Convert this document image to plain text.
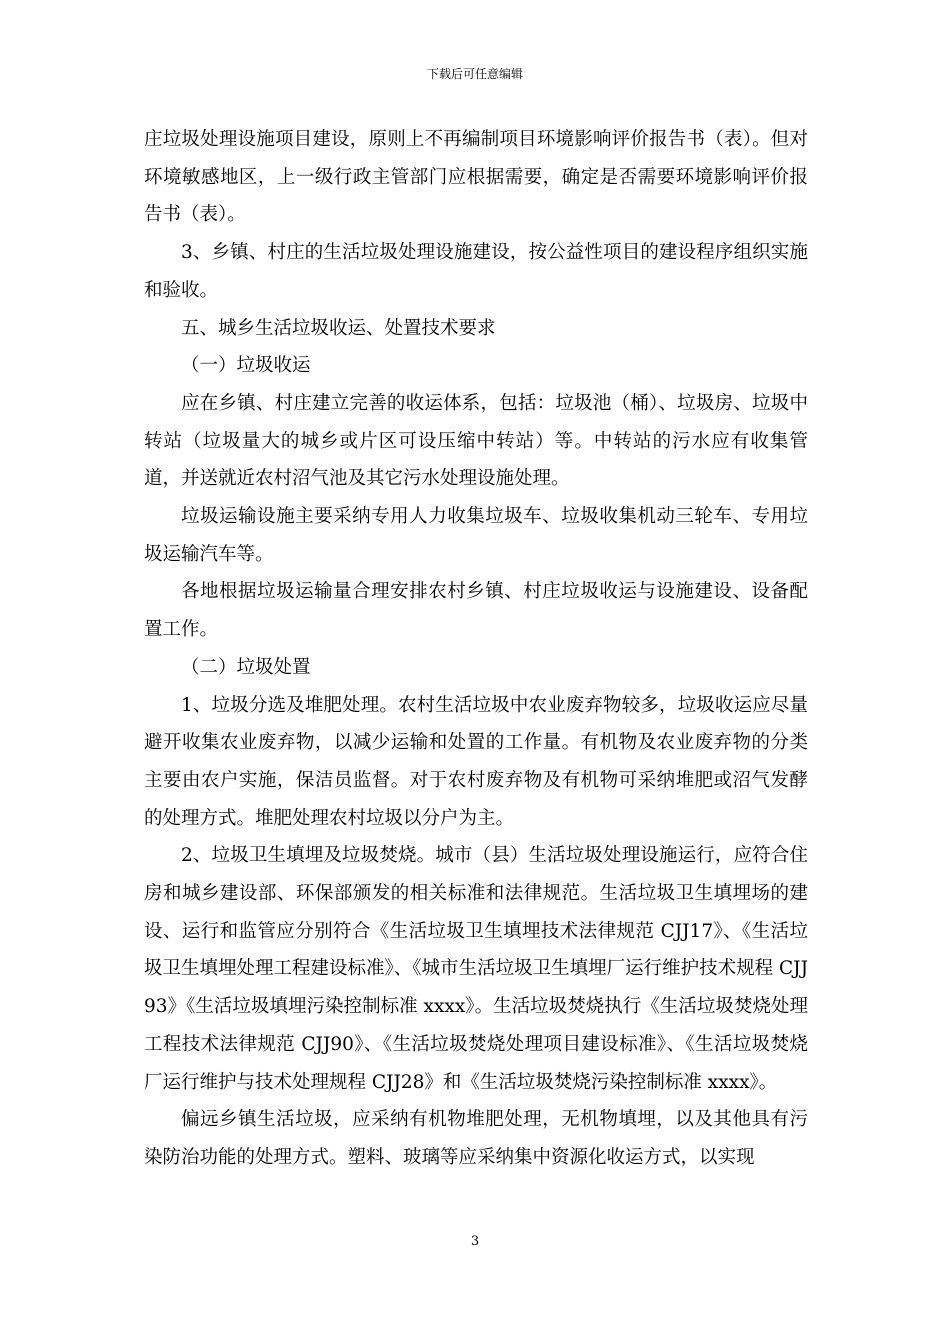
下载后可任意编辑

庄垃圾处理设施项目建设，原则上不再编制项目环境影响评价报告书（表）。但对环境敏感地区，上一级行政主管部门应根据需要，确定是否需要环境影响评价报告书（表）。

3、乡镇、村庄的生活垃圾处理设施建设，按公益性项目的建设程序组织实施和验收。

五、城乡生活垃圾收运、处置技术要求

（一）垃圾收运

应在乡镇、村庄建立完善的收运体系，包括：垃圾池（桶）、垃圾房、垃圾中转站（垃圾量大的城乡或片区可设压缩中转站）等。中转站的污水应有收集管道，并送就近农村沼气池及其它污水处理设施处理。

垃圾运输设施主要采纳专用人力收集垃圾车、垃圾收集机动三轮车、专用垃圾运输汽车等。

各地根据垃圾运输量合理安排农村乡镇、村庄垃圾收运与设施建设、设备配置工作。

（二）垃圾处置

1、垃圾分选及堆肥处理。农村生活垃圾中农业废弃物较多，垃圾收运应尽量避开收集农业废弃物，以减少运输和处置的工作量。有机物及农业废弃物的分类主要由农户实施，保洁员监督。对于农村废弃物及有机物可采纳堆肥或沼气发酵的处理方式。堆肥处理农村垃圾以分户为主。

2、垃圾卫生填埋及垃圾焚烧。城市（县）生活垃圾处理设施运行，应符合住房和城乡建设部、环保部颁发的相关标准和法律规范。生活垃圾卫生填埋场的建设、运行和监管应分别符合《生活垃圾卫生填埋技术法律规范 CJJ17》、《生活垃圾卫生填埋处理工程建设标准》、《城市生活垃圾卫生填埋厂运行维护技术规程 CJJ93》《生活垃圾填埋污染控制标准 xxxx》。生活垃圾焚烧执行《生活垃圾焚烧处理工程技术法律规范 CJJ90》、《生活垃圾焚烧处理项目建设标准》、《生活垃圾焚烧厂运行维护与技术处理规程 CJJ28》和《生活垃圾焚烧污染控制标准 xxxx》。

偏远乡镇生活垃圾，应采纳有机物堆肥处理，无机物填埋，以及其他具有污染防治功能的处理方式。塑料、玻璃等应采纳集中资源化收运方式，以实现

3
